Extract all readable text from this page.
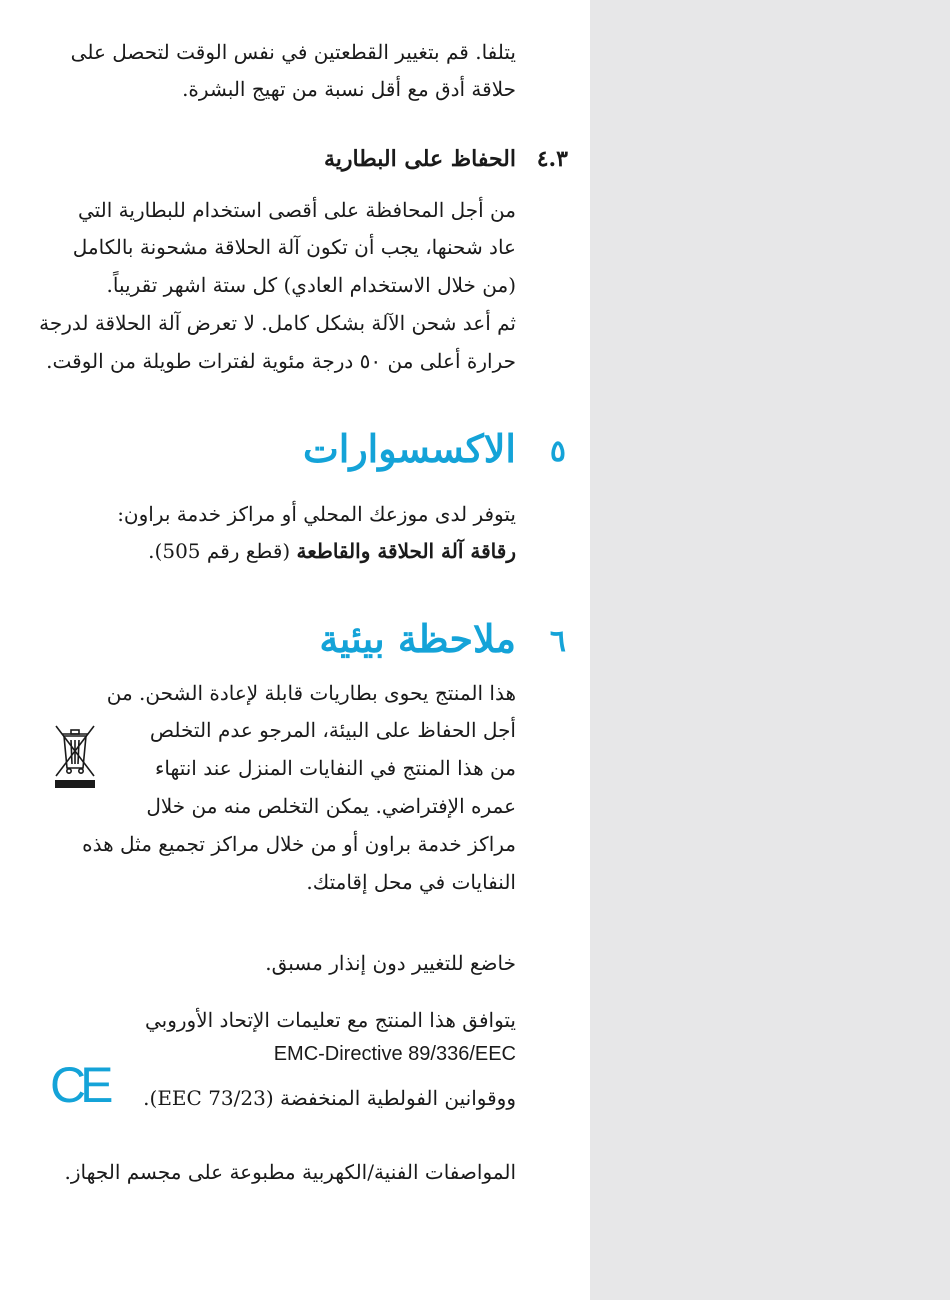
يتلفا. قم بتغيير القطعتين في نفس الوقت لتحصل على
حلاقة أدق مع أقل نسبة من تهيج البشرة.
٤.٣
الحفاظ على البطارية
من أجل المحافظة على أقصى استخدام للبطارية التي
عاد شحنها، يجب أن تكون آلة الحلاقة مشحونة بالكامل
(من خلال الاستخدام العادي) كل ستة اشهر تقريباً.
ثم أعد شحن الآلة بشكل كامل. لا تعرض آلة الحلاقة لدرجة
حرارة أعلى من ٥٠ درجة مئوية لفترات طويلة من الوقت.
٥
الاكسسوارات
يتوفر لدى موزعك المحلي أو مراكز خدمة براون:
رقاقة آلة الحلاقة والقاطعة (قطع رقم 505).
٦
ملاحظة بيئية
هذا المنتج يحوى بطاريات قابلة لإعادة الشحن. من
أجل الحفاظ على البيئة، المرجو عدم التخلص
من هذا المنتج في النفايات المنزل عند انتهاء
عمره الإفتراضي. يمكن التخلص منه من خلال
مراكز خدمة براون أو من خلال مراكز تجميع مثل هذه
النفايات في محل إقامتك.
خاضع للتغيير دون إنذار مسبق.
يتوافق هذا المنتج مع تعليمات الإتحاد الأوروبي
EMC-Directive 89/336/EEC
ووقوانين الفولطية المنخفضة (73/23 EEC).
CE
المواصفات الفنية/الكهربية مطبوعة على مجسم الجهاز.
